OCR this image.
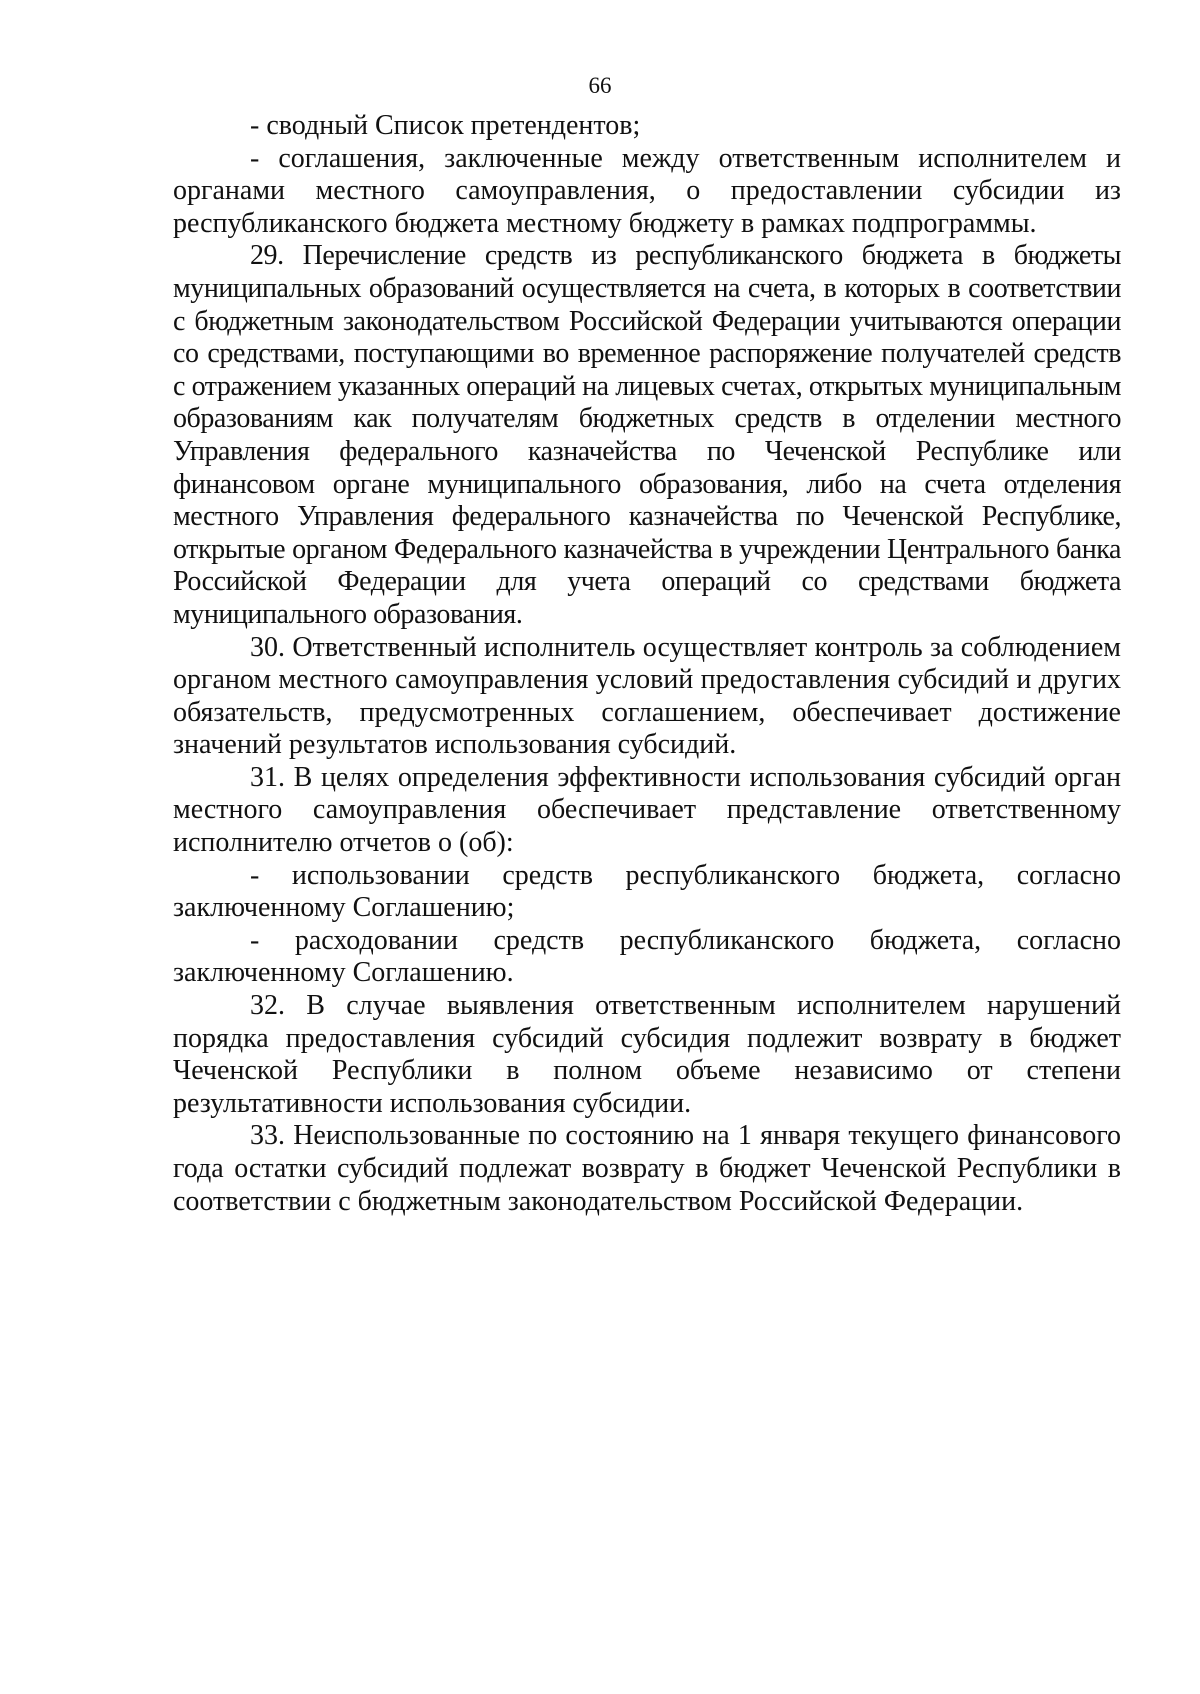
66

- сводный Список претендентов;

- соглашения, заключенные между ответственным исполнителем и органами местного самоуправления, о предоставлении субсидии из республиканского бюджета местному бюджету в рамках подпрограммы.

29. Перечисление средств из республиканского бюджета в бюджеты муниципальных образований осуществляется на счета, в которых в соответствии с бюджетным законодательством Российской Федерации учитываются операции со средствами, поступающими во временное распоряжение получателей средств с отражением указанных операций на лицевых счетах, открытых муниципальным образованиям как получателям бюджетных средств в отделении местного Управления федерального казначейства по Чеченской Республике или финансовом органе муниципального образования, либо на счета отделения местного Управления федерального казначейства по Чеченской Республике, открытые органом Федерального казначейства в учреждении Центрального банка Российской Федерации для учета операций со средствами бюджета муниципального образования.

30. Ответственный исполнитель осуществляет контроль за соблюдением органом местного самоуправления условий предоставления субсидий и других обязательств, предусмотренных соглашением, обеспечивает достижение значений результатов использования субсидий.

31. В целях определения эффективности использования субсидий орган местного самоуправления обеспечивает представление ответственному исполнителю отчетов о (об):

- использовании средств республиканского бюджета, согласно заключенному Соглашению;

- расходовании средств республиканского бюджета, согласно заключенному Соглашению.

32. В случае выявления ответственным исполнителем нарушений порядка предоставления субсидий субсидия подлежит возврату в бюджет Чеченской Республики в полном объеме независимо от степени результативности использования субсидии.

33. Неиспользованные по состоянию на 1 января текущего финансового года остатки субсидий подлежат возврату в бюджет Чеченской Республики в соответствии с бюджетным законодательством Российской Федерации.
